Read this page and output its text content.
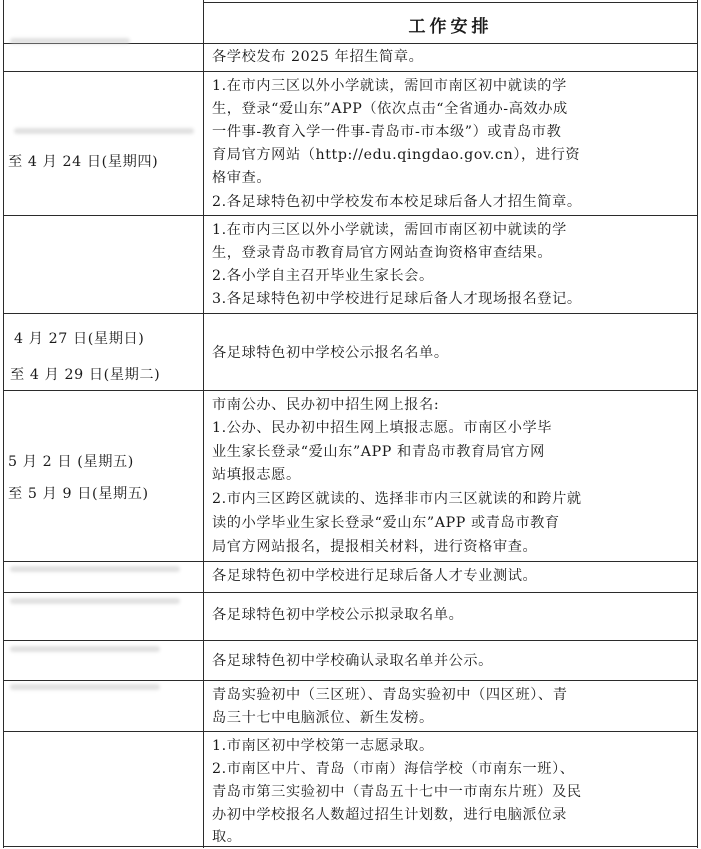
工作安排
各学校发布 2025 年招生简章。
至 4 月 24 日(星期四)
1.在市内三区以外小学就读，需回市南区初中就读的学
生，登录“爱山东”APP（依次点击“全省通办-高效办成
一件事-教育入学一件事-青岛市-市本级”）或青岛市教
育局官方网站（http://edu.qingdao.gov.cn），进行资
格审查。
2.各足球特色初中学校发布本校足球后备人才招生简章。
1.在市内三区以外小学就读，需回市南区初中就读的学
生，登录青岛市教育局官方网站查询资格审查结果。
2.各小学自主召开毕业生家长会。
3.各足球特色初中学校进行足球后备人才现场报名登记。
4 月 27 日(星期日)
至 4 月 29 日(星期二)
各足球特色初中学校公示报名名单。
5 月 2 日 (星期五)
至 5 月 9 日(星期五)
市南公办、民办初中招生网上报名:
1.公办、民办初中招生网上填报志愿。市南区小学毕
业生家长登录“爱山东”APP 和青岛市教育局官方网
站填报志愿。
2.市内三区跨区就读的、选择非市内三区就读的和跨片就
读的小学毕业生家长登录“爱山东”APP 或青岛市教育
局官方网站报名，提报相关材料，进行资格审查。
各足球特色初中学校进行足球后备人才专业测试。
各足球特色初中学校公示拟录取名单。
各足球特色初中学校确认录取名单并公示。
青岛实验初中（三区班）、青岛实验初中（四区班）、青
岛三十七中电脑派位、新生发榜。
1.市南区初中学校第一志愿录取。
2.市南区中片、青岛（市南）海信学校（市南东一班）、
青岛市第三实验初中（青岛五十七中一市南东片班）及民
办初中学校报名人数超过招生计划数，进行电脑派位录
取。
